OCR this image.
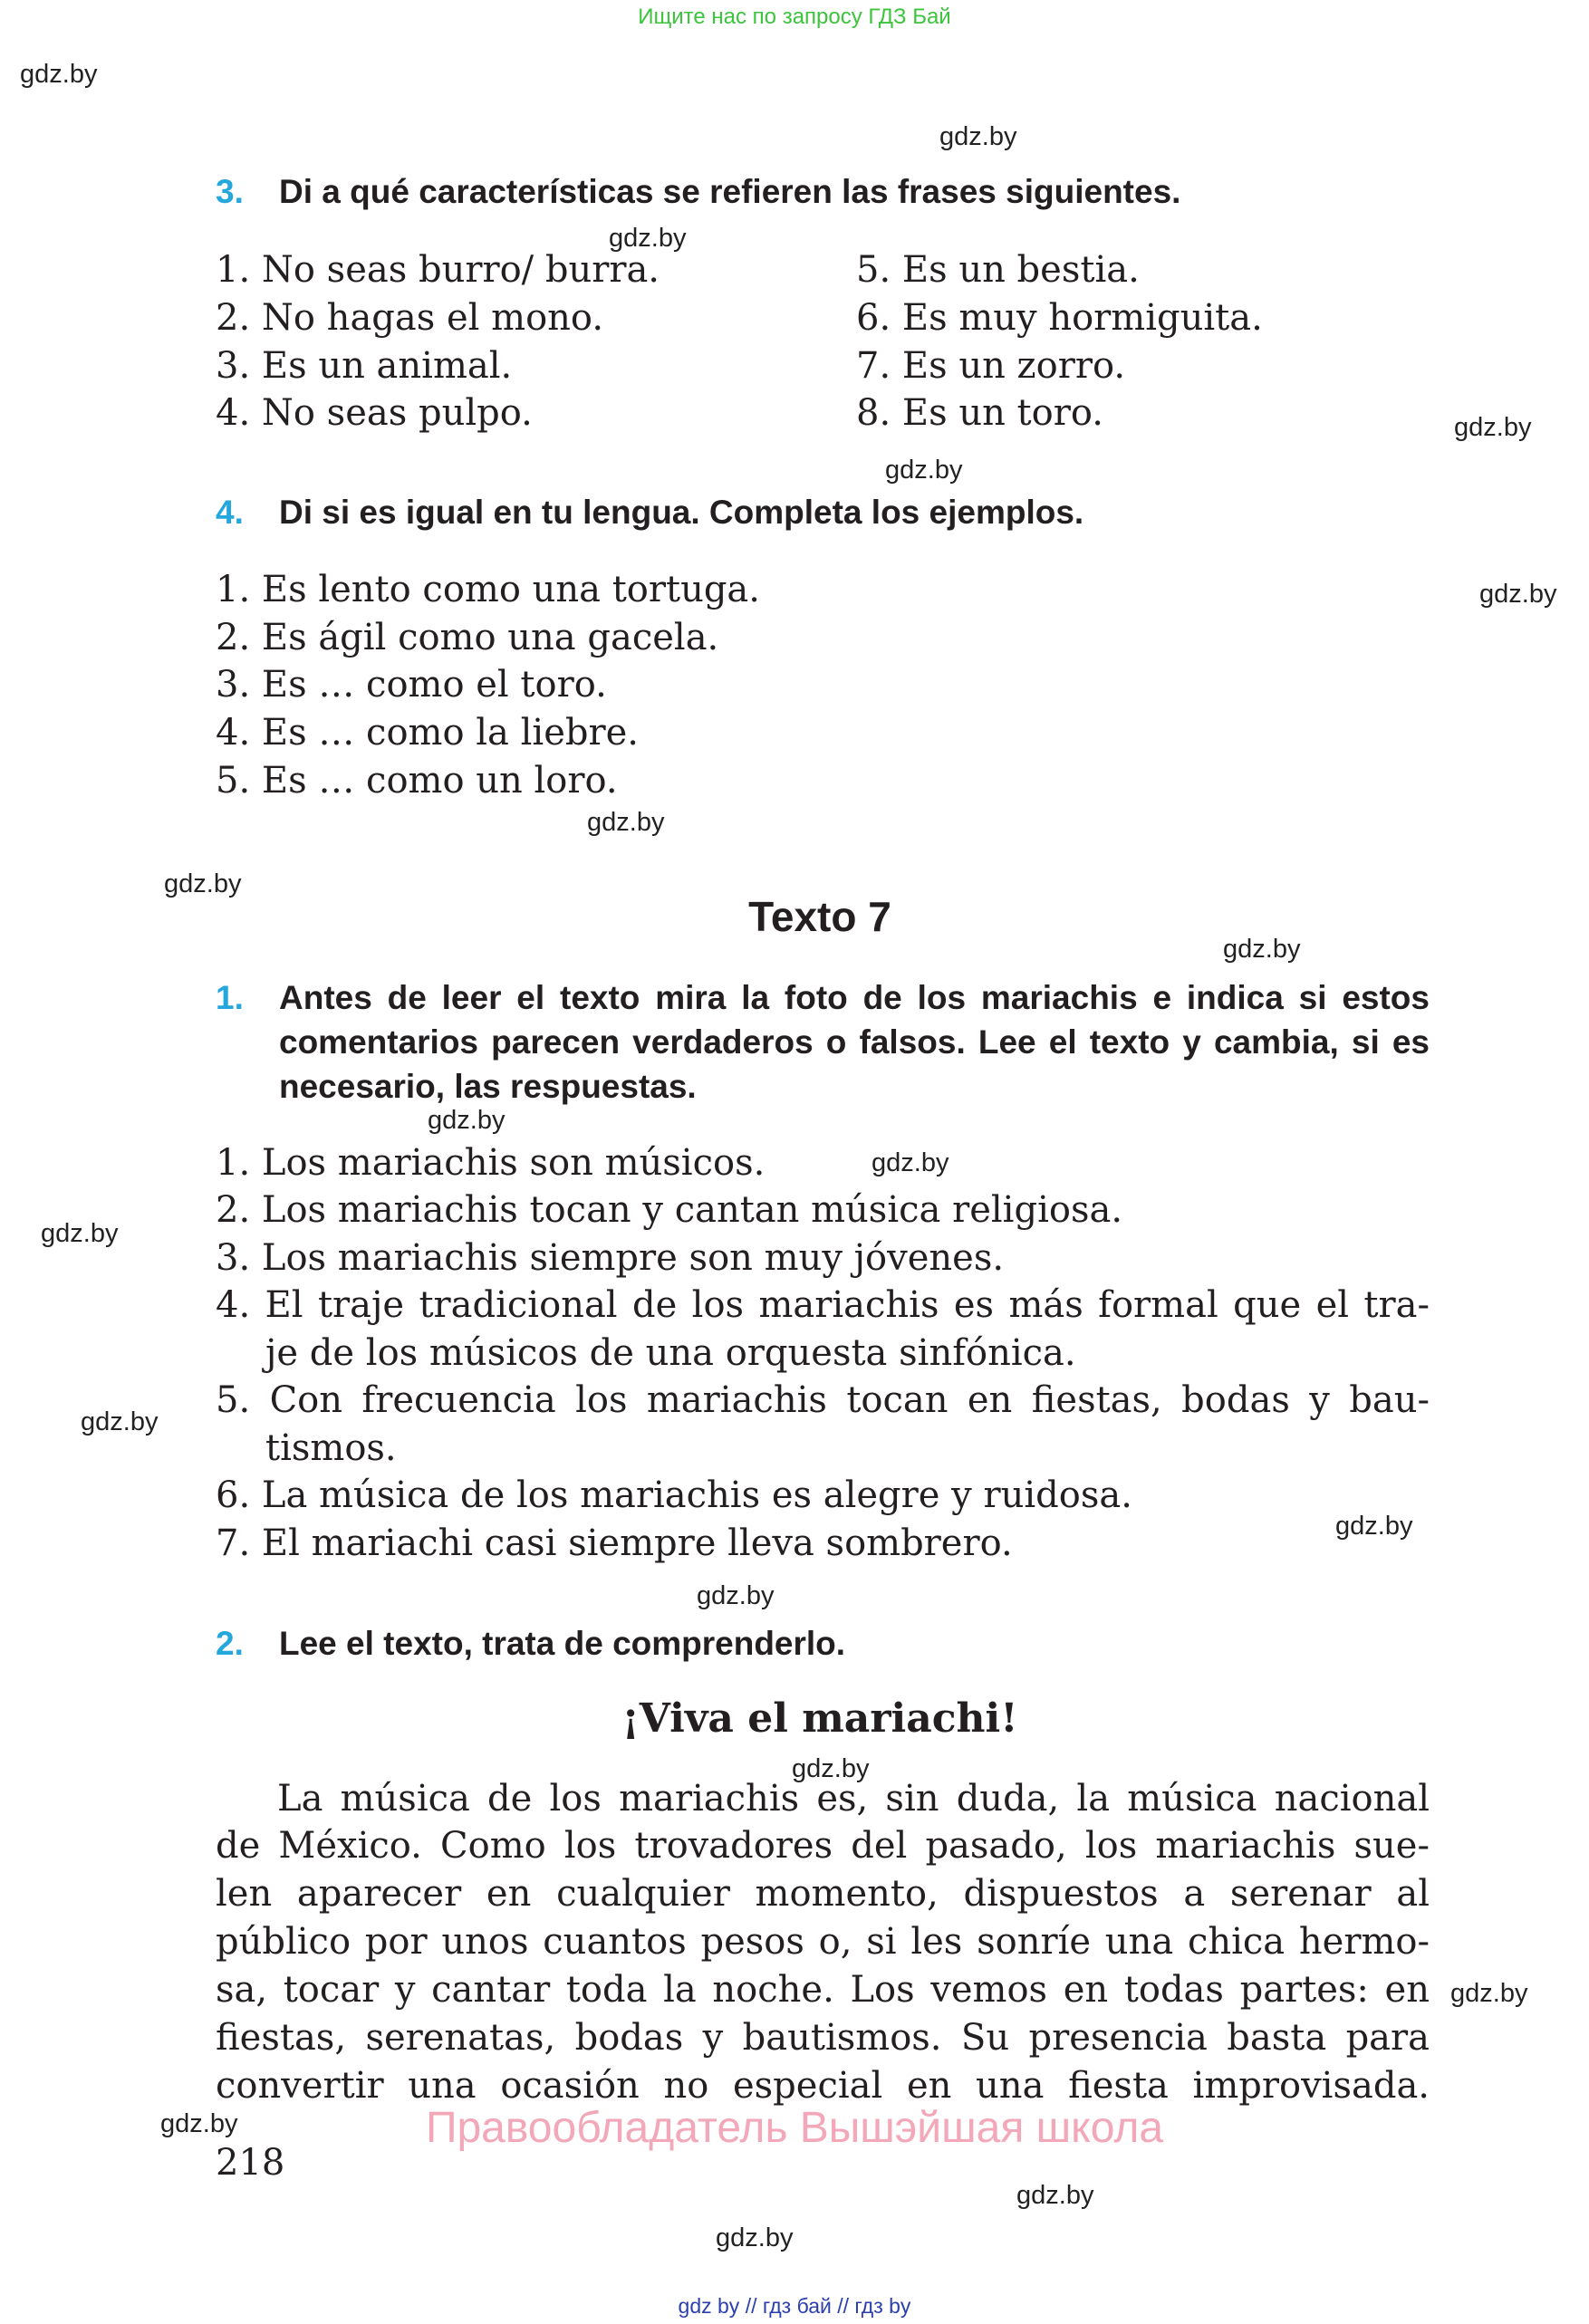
Ищите нас по запросу ГДЗ Бай
gdz by // гдз бай // гдз by
gdz.by
gdz.by
gdz.by
gdz.by
gdz.by
gdz.by
gdz.by
gdz.by
gdz.by
gdz.by
gdz.by
gdz.by
gdz.by
gdz.by
gdz.by
gdz.by
gdz.by
gdz.by
gdz.by
gdz.by
3. Di a qué características se refieren las frases siguientes.
1. No seas burro/ burra.
2. No hagas el mono.
3. Es un animal.
4. No seas pulpo.
5. Es un bestia.
6. Es muy hormiguita.
7. Es un zorro.
8. Es un toro.
4. Di si es igual en tu lengua. Completa los ejemplos.
1. Es lento como una tortuga.
2. Es ágil como una gacela.
3. Es … como el toro.
4. Es … como la liebre.
5. Es … como un loro.
Texto 7
1. Antes de leer el texto mira la foto de los mariachis e indica si estos comentarios parecen verdaderos o falsos. Lee el texto y cambia, si es necesario, las respuestas.
1. Los mariachis son músicos.
2. Los mariachis tocan y cantan música religiosa.
3. Los mariachis siempre son muy jóvenes.
4. El traje tradicional de los mariachis es más formal que el tra-
je de los músicos de una orquesta sinfónica.
5. Con frecuencia los mariachis tocan en fiestas, bodas y bau-
tismos.
6. La música de los mariachis es alegre y ruidosa.
7. El mariachi casi siempre lleva sombrero.
2. Lee el texto, trata de comprenderlo.
¡Viva el mariachi!
La música de los mariachis es, sin duda, la música nacional
de México. Como los trovadores del pasado, los mariachis sue-
len aparecer en cualquier momento, dispuestos a serenar al
público por unos cuantos pesos o, si les sonríe una chica hermo-
sa, tocar y cantar toda la noche. Los vemos en todas partes: en
fiestas, serenatas, bodas y bautismos. Su presencia basta para
convertir una ocasión no especial en una fiesta improvisada.
Правообладатель Вышэйшая школа
218
